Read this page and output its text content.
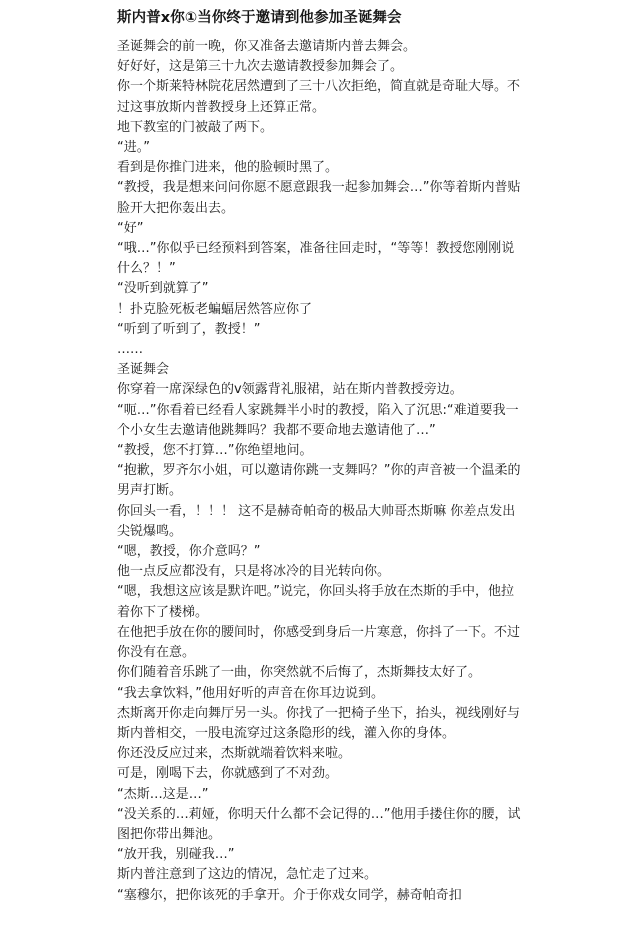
斯内普x你①当你终于邀请到他参加圣诞舞会

圣诞舞会的前一晚，你又准备去邀请斯内普去舞会。

好好好，这是第三十九次去邀请教授参加舞会了。

你一个斯莱特林院花居然遭到了三十八次拒绝，简直就是奇耻大辱。不过这事放斯内普教授身上还算正常。

地下教室的门被敲了两下。

“进。”

看到是你推门进来，他的脸顿时黑了。

“教授，我是想来问问你愿不愿意跟我一起参加舞会…”你等着斯内普贴脸开大把你轰出去。

“好”

“哦…”你似乎已经预料到答案，准备往回走时，“等等！教授您刚刚说什么？！”

“没听到就算了”

！扑克脸死板老蝙蝠居然答应你了

“听到了听到了，教授！”

……

圣诞舞会

你穿着一席深绿色的v领露背礼服裙，站在斯内普教授旁边。

“呃…”你看着已经看人家跳舞半小时的教授，陷入了沉思:“难道要我一个小女生去邀请他跳舞吗？我都不要命地去邀请他了…”

“教授，您不打算…”你绝望地问。

“抱歉，罗齐尔小姐，可以邀请你跳一支舞吗？”你的声音被一个温柔的男声打断。

你回头一看，！！！ 这不是赫奇帕奇的极品大帅哥杰斯嘛 你差点发出尖锐爆鸣。

“嗯，教授，你介意吗？”

他一点反应都没有，只是将冰冷的目光转向你。

“嗯，我想这应该是默许吧。”说完，你回头将手放在杰斯的手中，他拉着你下了楼梯。

在他把手放在你的腰间时，你感受到身后一片寒意，你抖了一下。不过你没有在意。

你们随着音乐跳了一曲，你突然就不后悔了，杰斯舞技太好了。

“我去拿饮料，”他用好听的声音在你耳边说到。

杰斯离开你走向舞厅另一头。你找了一把椅子坐下，抬头，视线刚好与斯内普相交，一股电流穿过这条隐形的线，灌入你的身体。

你还没反应过来，杰斯就端着饮料来啦。

可是，刚喝下去，你就感到了不对劲。

“杰斯…这是…”

“没关系的…莉娅，你明天什么都不会记得的…”他用手搂住你的腰，试图把你带出舞池。

“放开我，别碰我…”

斯内普注意到了这边的情况，急忙走了过来。

“塞穆尔，把你该死的手拿开。介于你戏女同学，赫奇帕奇扣
